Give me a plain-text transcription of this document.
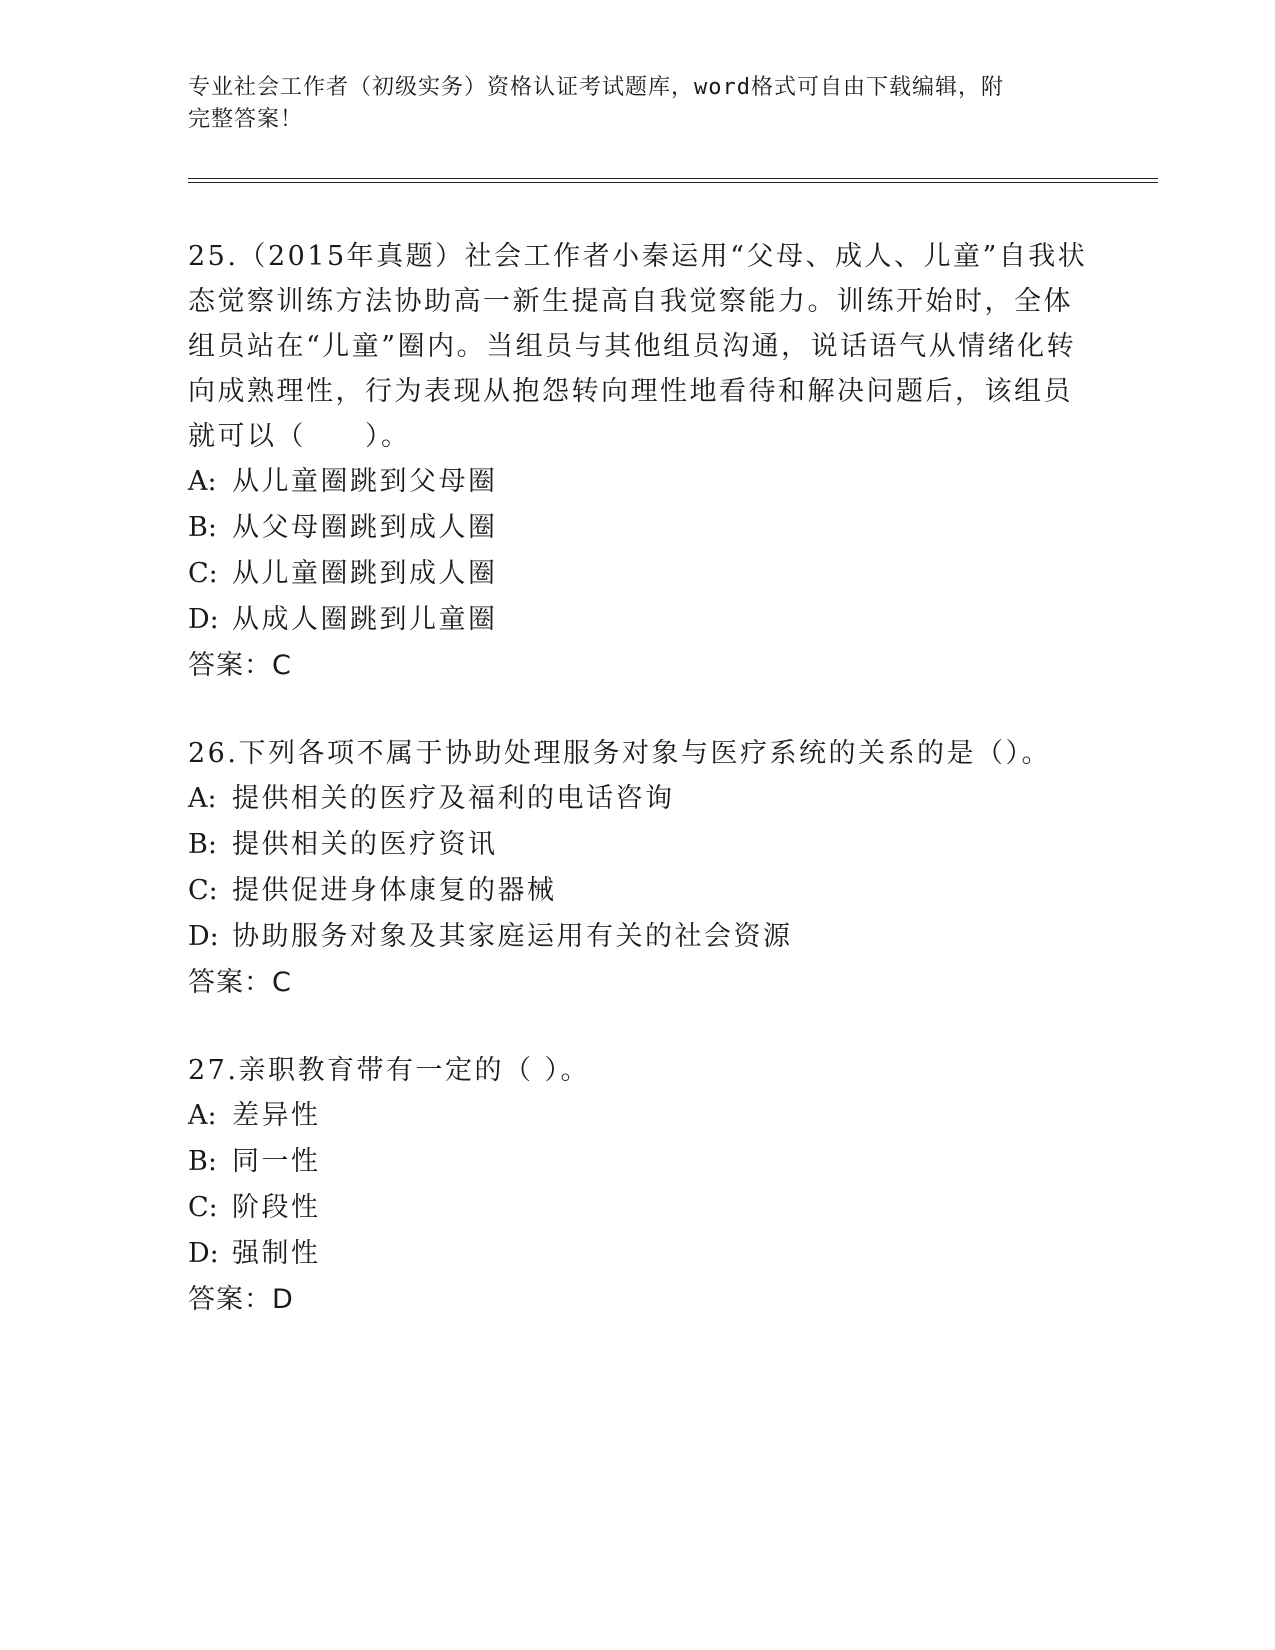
专业社会工作者（初级实务）资格认证考试题库，word格式可自由下载编辑，附
完整答案！

25.（2015年真题）社会工作者小秦运用“父母、成人、儿童”自我状态觉察训练方法协助高一新生提高自我觉察能力。训练开始时，全体组员站在“儿童”圈内。当组员与其他组员沟通，说话语气从情绪化转向成熟理性，行为表现从抱怨转向理性地看待和解决问题后，该组员就可以（　　）。

A: 从儿童圈跳到父母圈

B: 从父母圈跳到成人圈

C: 从儿童圈跳到成人圈

D: 从成人圈跳到儿童圈

答案：C

26.下列各项不属于协助处理服务对象与医疗系统的关系的是（）。

A: 提供相关的医疗及福利的电话咨询

B: 提供相关的医疗资讯

C: 提供促进身体康复的器械

D: 协助服务对象及其家庭运用有关的社会资源

答案：C

27.亲职教育带有一定的（ ）。

A: 差异性

B: 同一性

C: 阶段性

D: 强制性

答案：D
